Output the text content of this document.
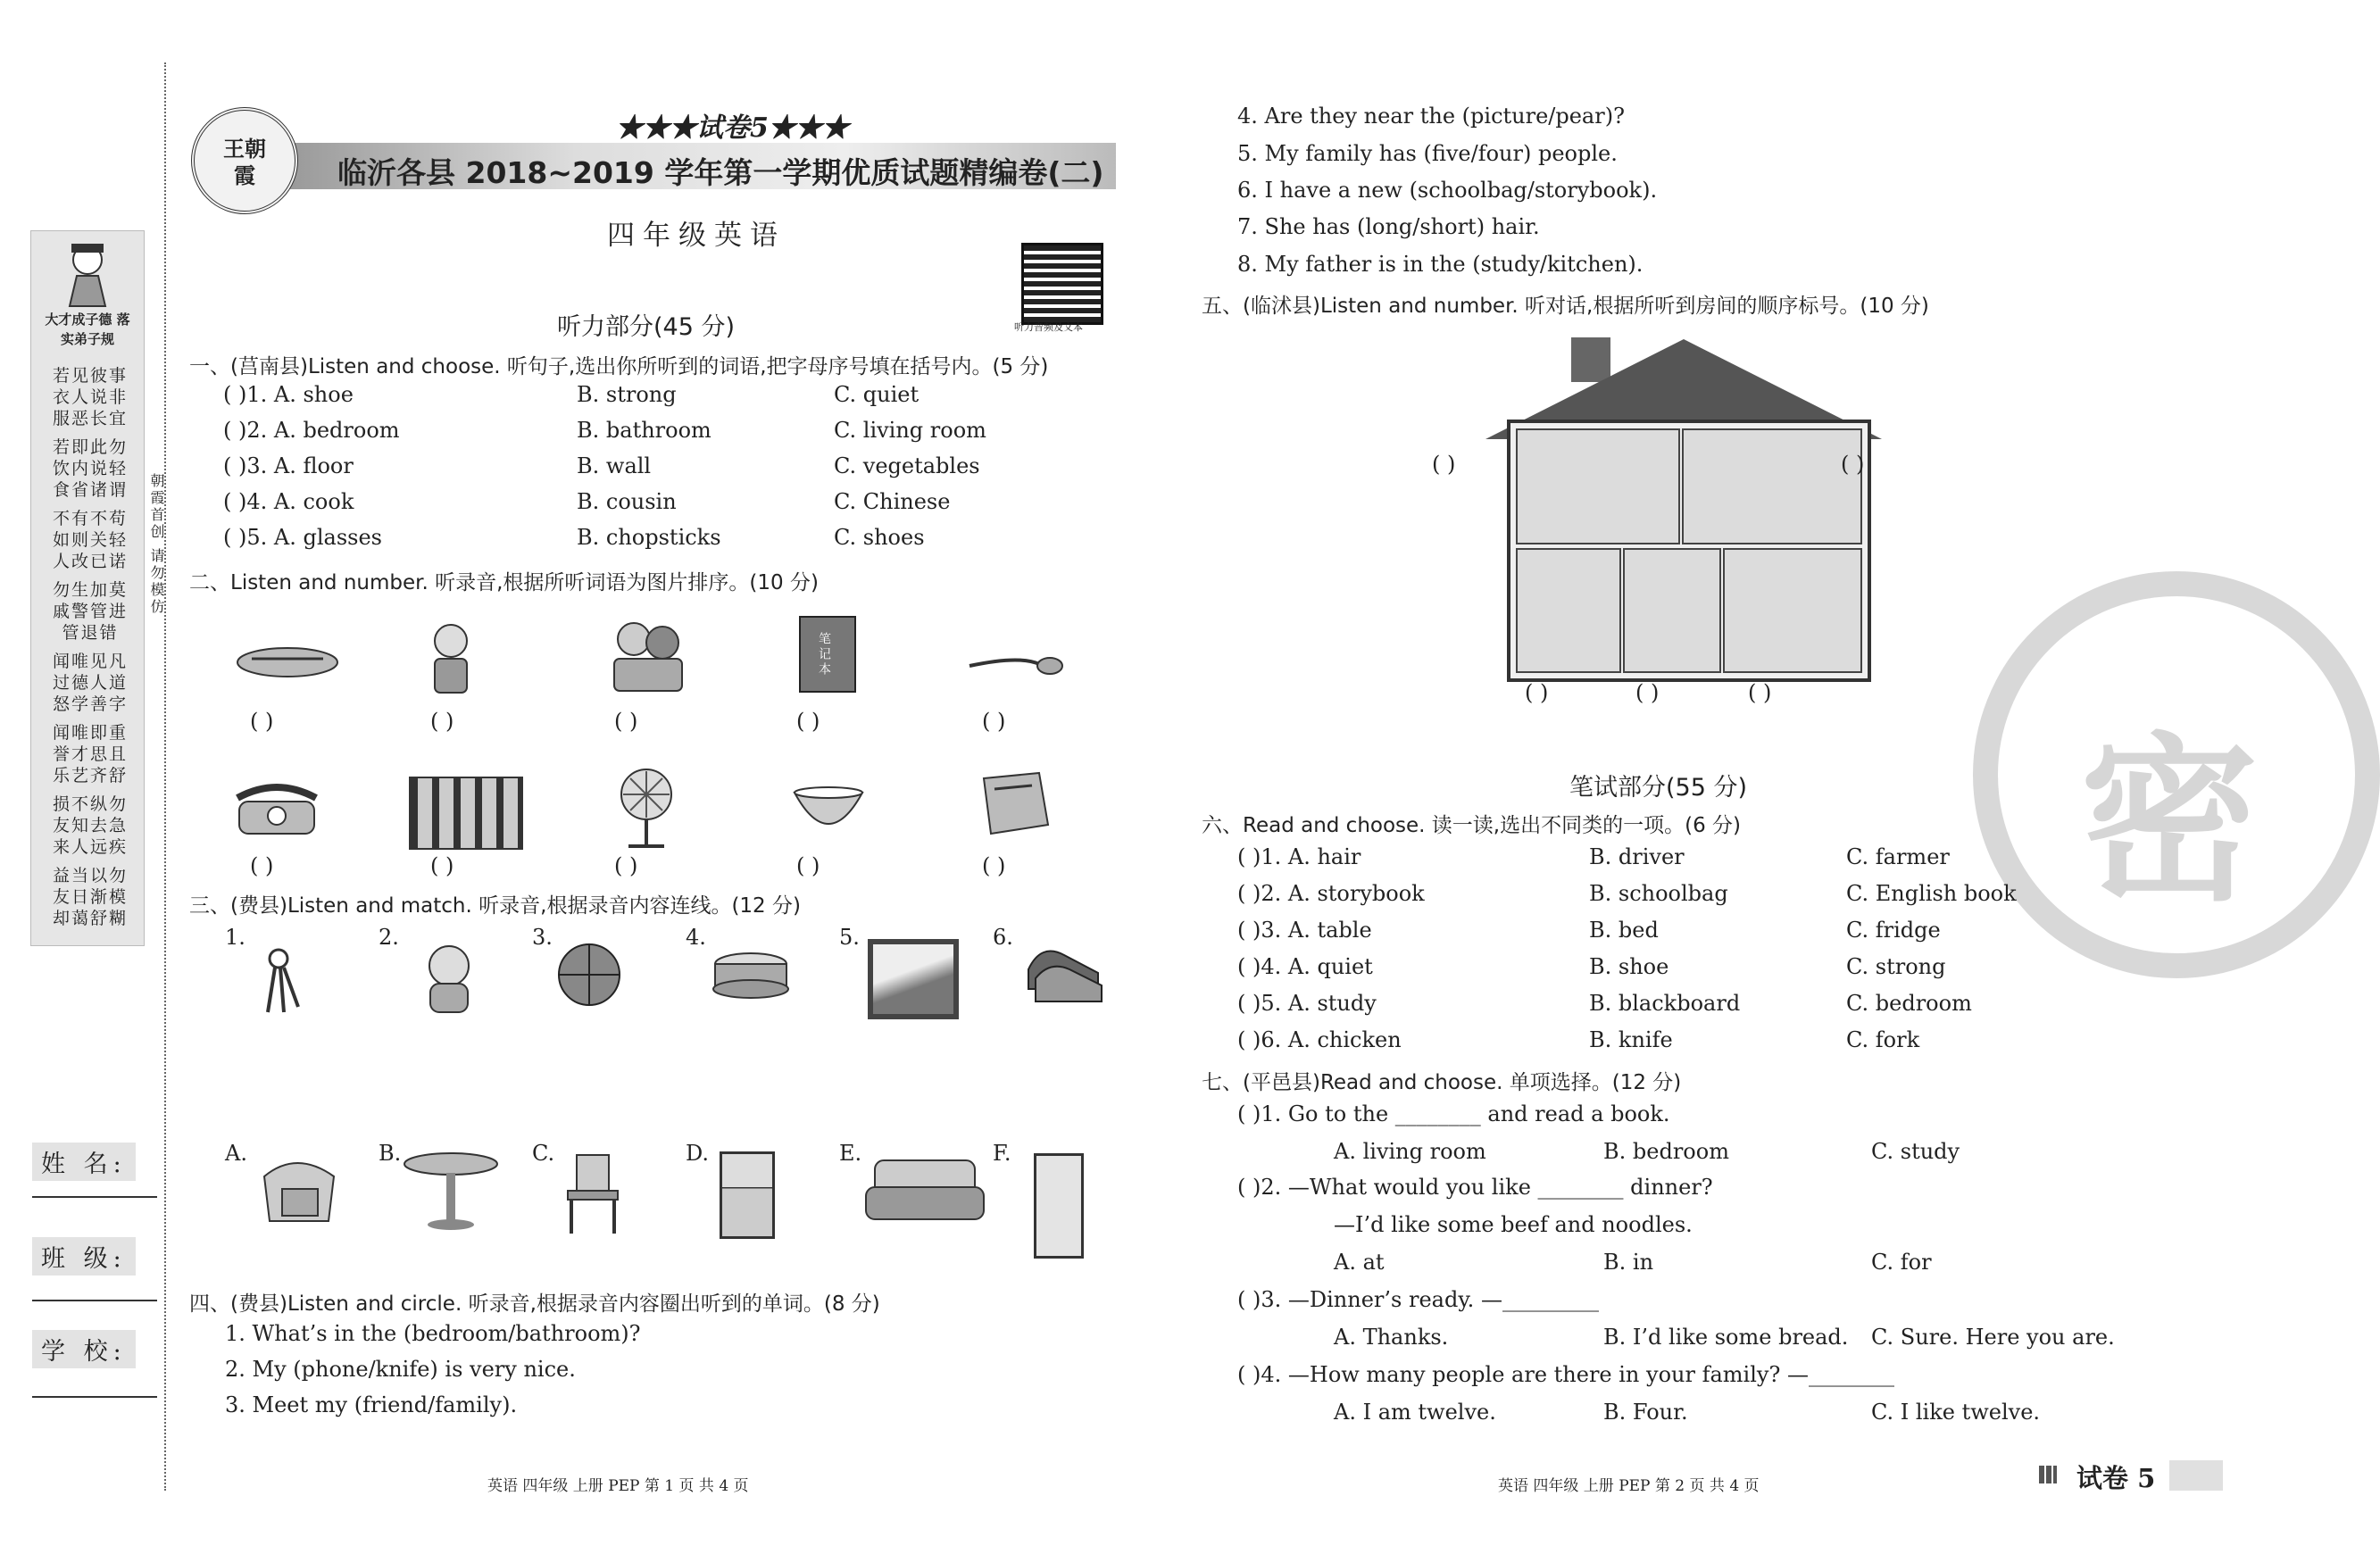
大才成子德 落实弟子规
若见彼事 衣人说非 服恶长宜
若即此勿 饮内说轻 食省诸谓
不有不苟 如则关轻 人改已诺
勿生加莫 戚警管进 管退错
闻唯见凡 过德人道 怒学善字
闻唯即重 誉才思且 乐艺齐舒
损不纵勿 友知去急 来人远疾
益当以勿 友日渐模 却蔼舒糊
朝霞首创 请勿模仿
姓 名:
班 级:
学 校:
王朝霞
★★★试卷5★★★
临沂各县 2018~2019 学年第一学期优质试题精编卷(二)
四年级英语
听力音频及文本
听力部分(45 分)
一、(莒南县)Listen and choose. 听句子,选出你所听到的词语,把字母序号填在括号内。(5 分)
( )1. A. shoe	B. strong	C. quiet
( )2. A. bedroom	B. bathroom	C. living room
( )3. A. floor	B. wall	C. vegetables
( )4. A. cook	B. cousin	C. Chinese
( )5. A. glasses	B. chopsticks	C. shoes
二、Listen and number. 听录音,根据所听词语为图片排序。(10 分)
笔记本
( )	( )	( )	( )	( )
( )	( )	( )	( )	( )
三、(费县)Listen and match. 听录音,根据录音内容连线。(12 分)
1.	2.	3.	4.	5.	6.
A.	B.	C.	D.	E.	F.
四、(费县)Listen and circle. 听录音,根据录音内容圈出听到的单词。(8 分)
1. What’s in the (bedroom/bathroom)?
2. My (phone/knife) is very nice.
3. Meet my (friend/family).
4. Are they near the (picture/pear)?
5. My family has (five/four) people.
6. I have a new (schoolbag/storybook).
7. She has (long/short) hair.
8. My father is in the (study/kitchen).
英语 四年级 上册 PEP 第 1 页 共 4 页
密
五、(临沭县)Listen and number. 听对话,根据所听到房间的顺序标号。(10 分)
( )	( )
( )	( )	( )
笔试部分(55 分)
六、Read and choose. 读一读,选出不同类的一项。(6 分)
( )1. A. hair	B. driver	C. farmer
( )2. A. storybook	B. schoolbag	C. English book
( )3. A. table	B. bed	C. fridge
( )4. A. quiet	B. shoe	C. strong
( )5. A. study	B. blackboard	C. bedroom
( )6. A. chicken	B. knife	C. fork
七、(平邑县)Read and choose. 单项选择。(12 分)
( )1. Go to the ________ and read a book.
A. living room	B. bedroom	C. study
( )2. —What would you like ________ dinner?
—I’d like some beef and noodles.
A. at	B. in	C. for
( )3. —Dinner’s ready. —_________
A. Thanks.	B. I’d like some bread. C. Sure. Here you are.
( )4. —How many people are there in your family? —________
A. I am twelve.	B. Four.	C. I like twelve.
英语 四年级 上册 PEP 第 2 页 共 4 页	试卷 5
